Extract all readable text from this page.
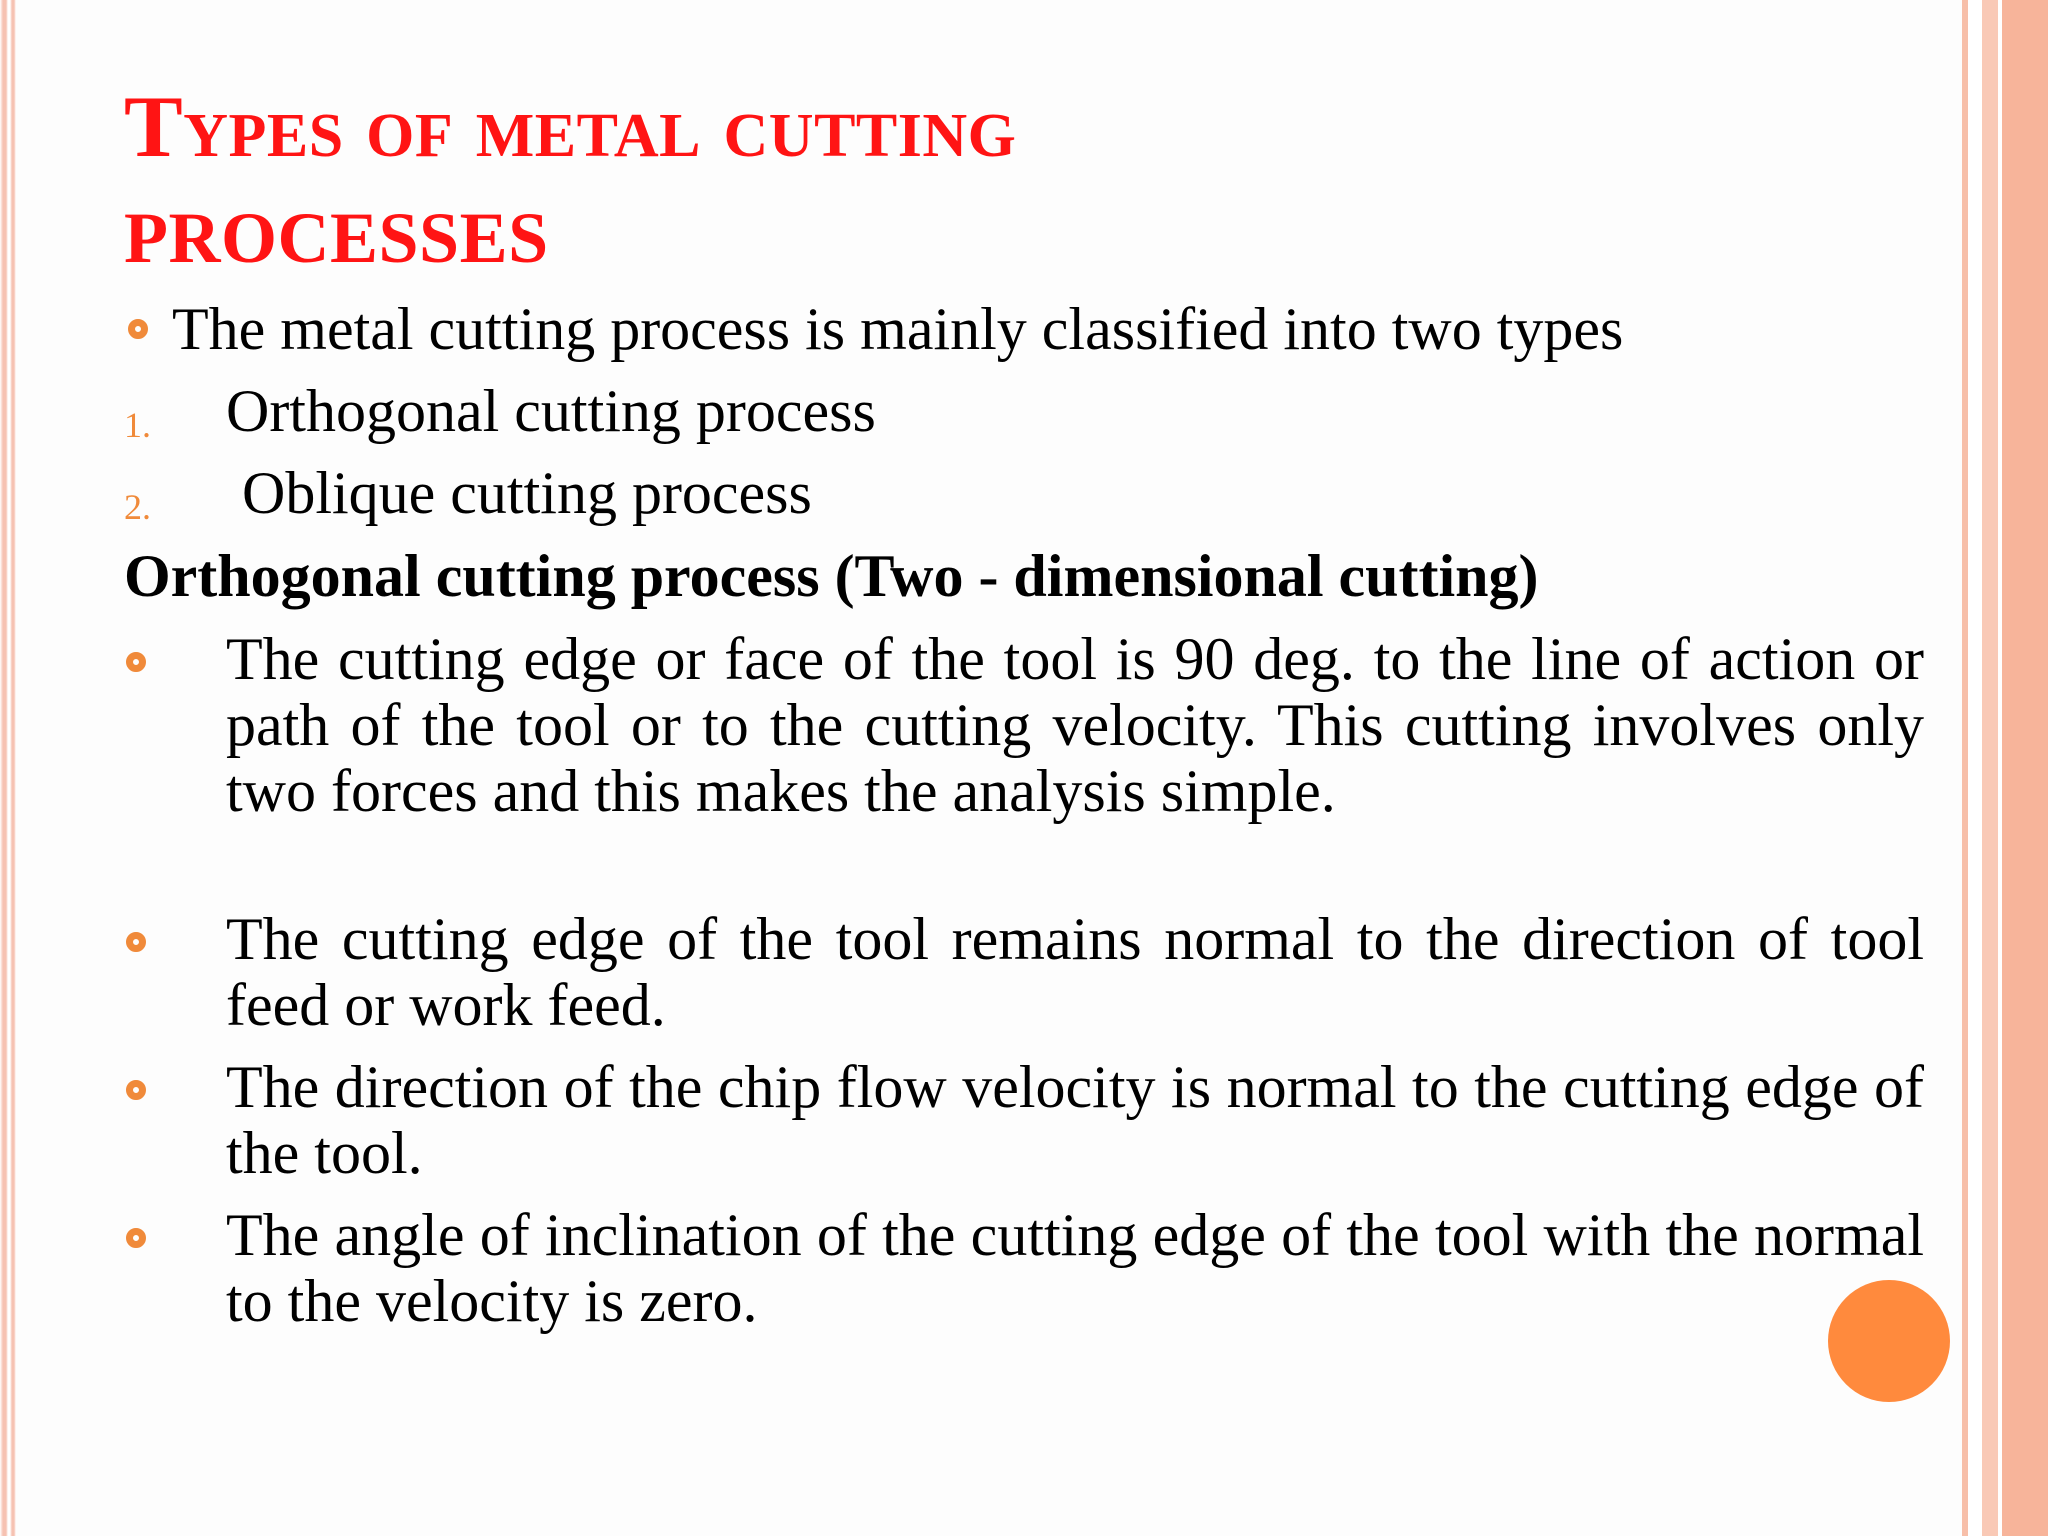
Types of metal cutting
PROCESSES
The metal cutting process is mainly classified into two types
1. Orthogonal cutting process
2. Oblique cutting process
Orthogonal cutting process (Two - dimensional cutting)

The cutting edge or face of the tool is 90 deg. to the line of action or path of the tool or to the cutting velocity. This cutting involves only two forces and this makes the analysis simple.

The cutting edge of the tool remains normal to the direction of tool feed or work feed.

The direction of the chip flow velocity is normal to the cutting edge of the tool.

The angle of inclination of the cutting edge of the tool with the normal to the velocity is zero.
